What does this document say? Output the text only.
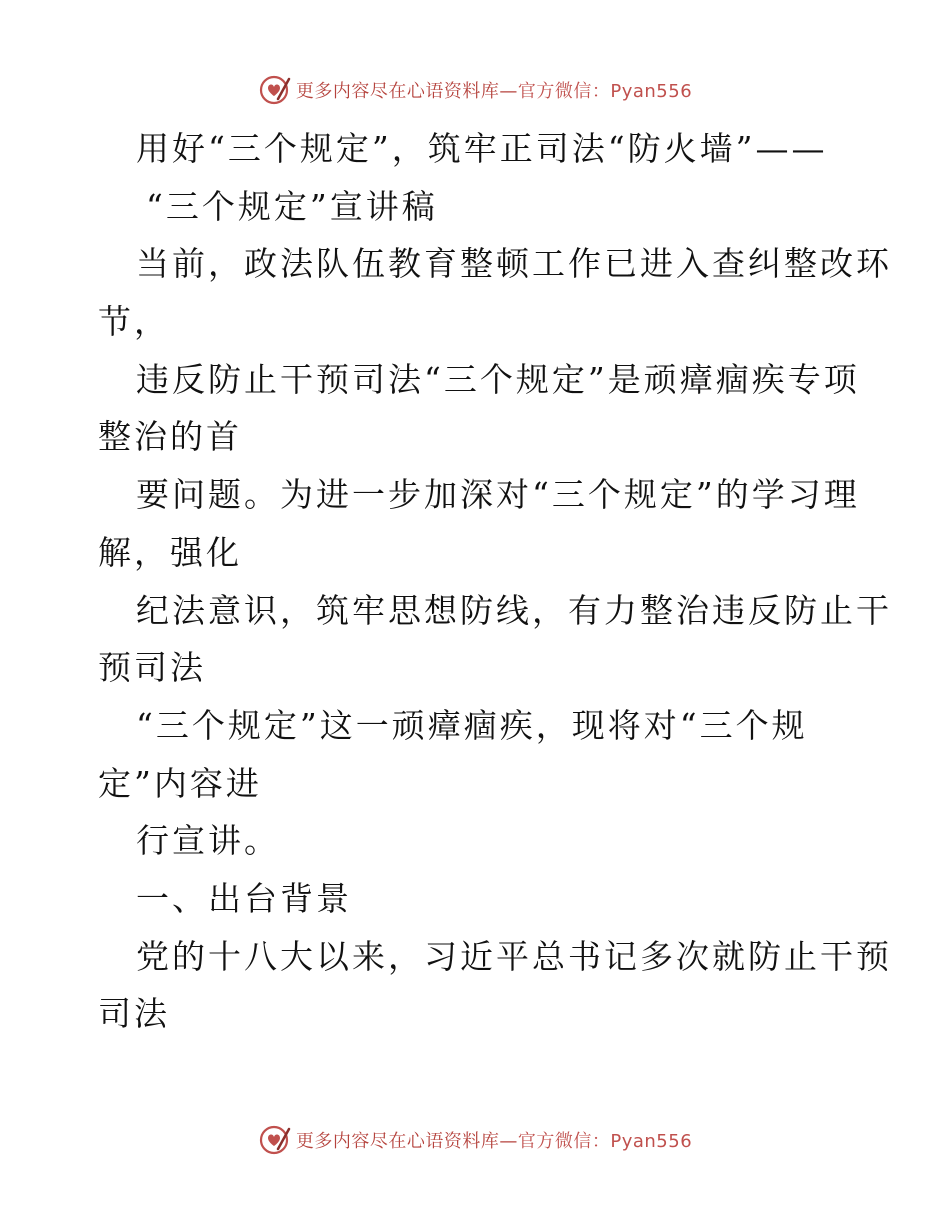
更多内容尽在心语资料库—官方微信：Pyan556
用好“三个规定”，筑牢正司法“防火墙”——
“三个规定”宣讲稿
当前，政法队伍教育整顿工作已进入查纠整改环
节，
违反防止干预司法“三个规定”是顽瘴痼疾专项
整治的首
要问题。为进一步加深对“三个规定”的学习理
解，强化
纪法意识，筑牢思想防线，有力整治违反防止干
预司法
“三个规定”这一顽瘴痼疾，现将对“三个规
定”内容进
行宣讲。
一、出台背景
党的十八大以来，习近平总书记多次就防止干预
司法
更多内容尽在心语资料库—官方微信：Pyan556
